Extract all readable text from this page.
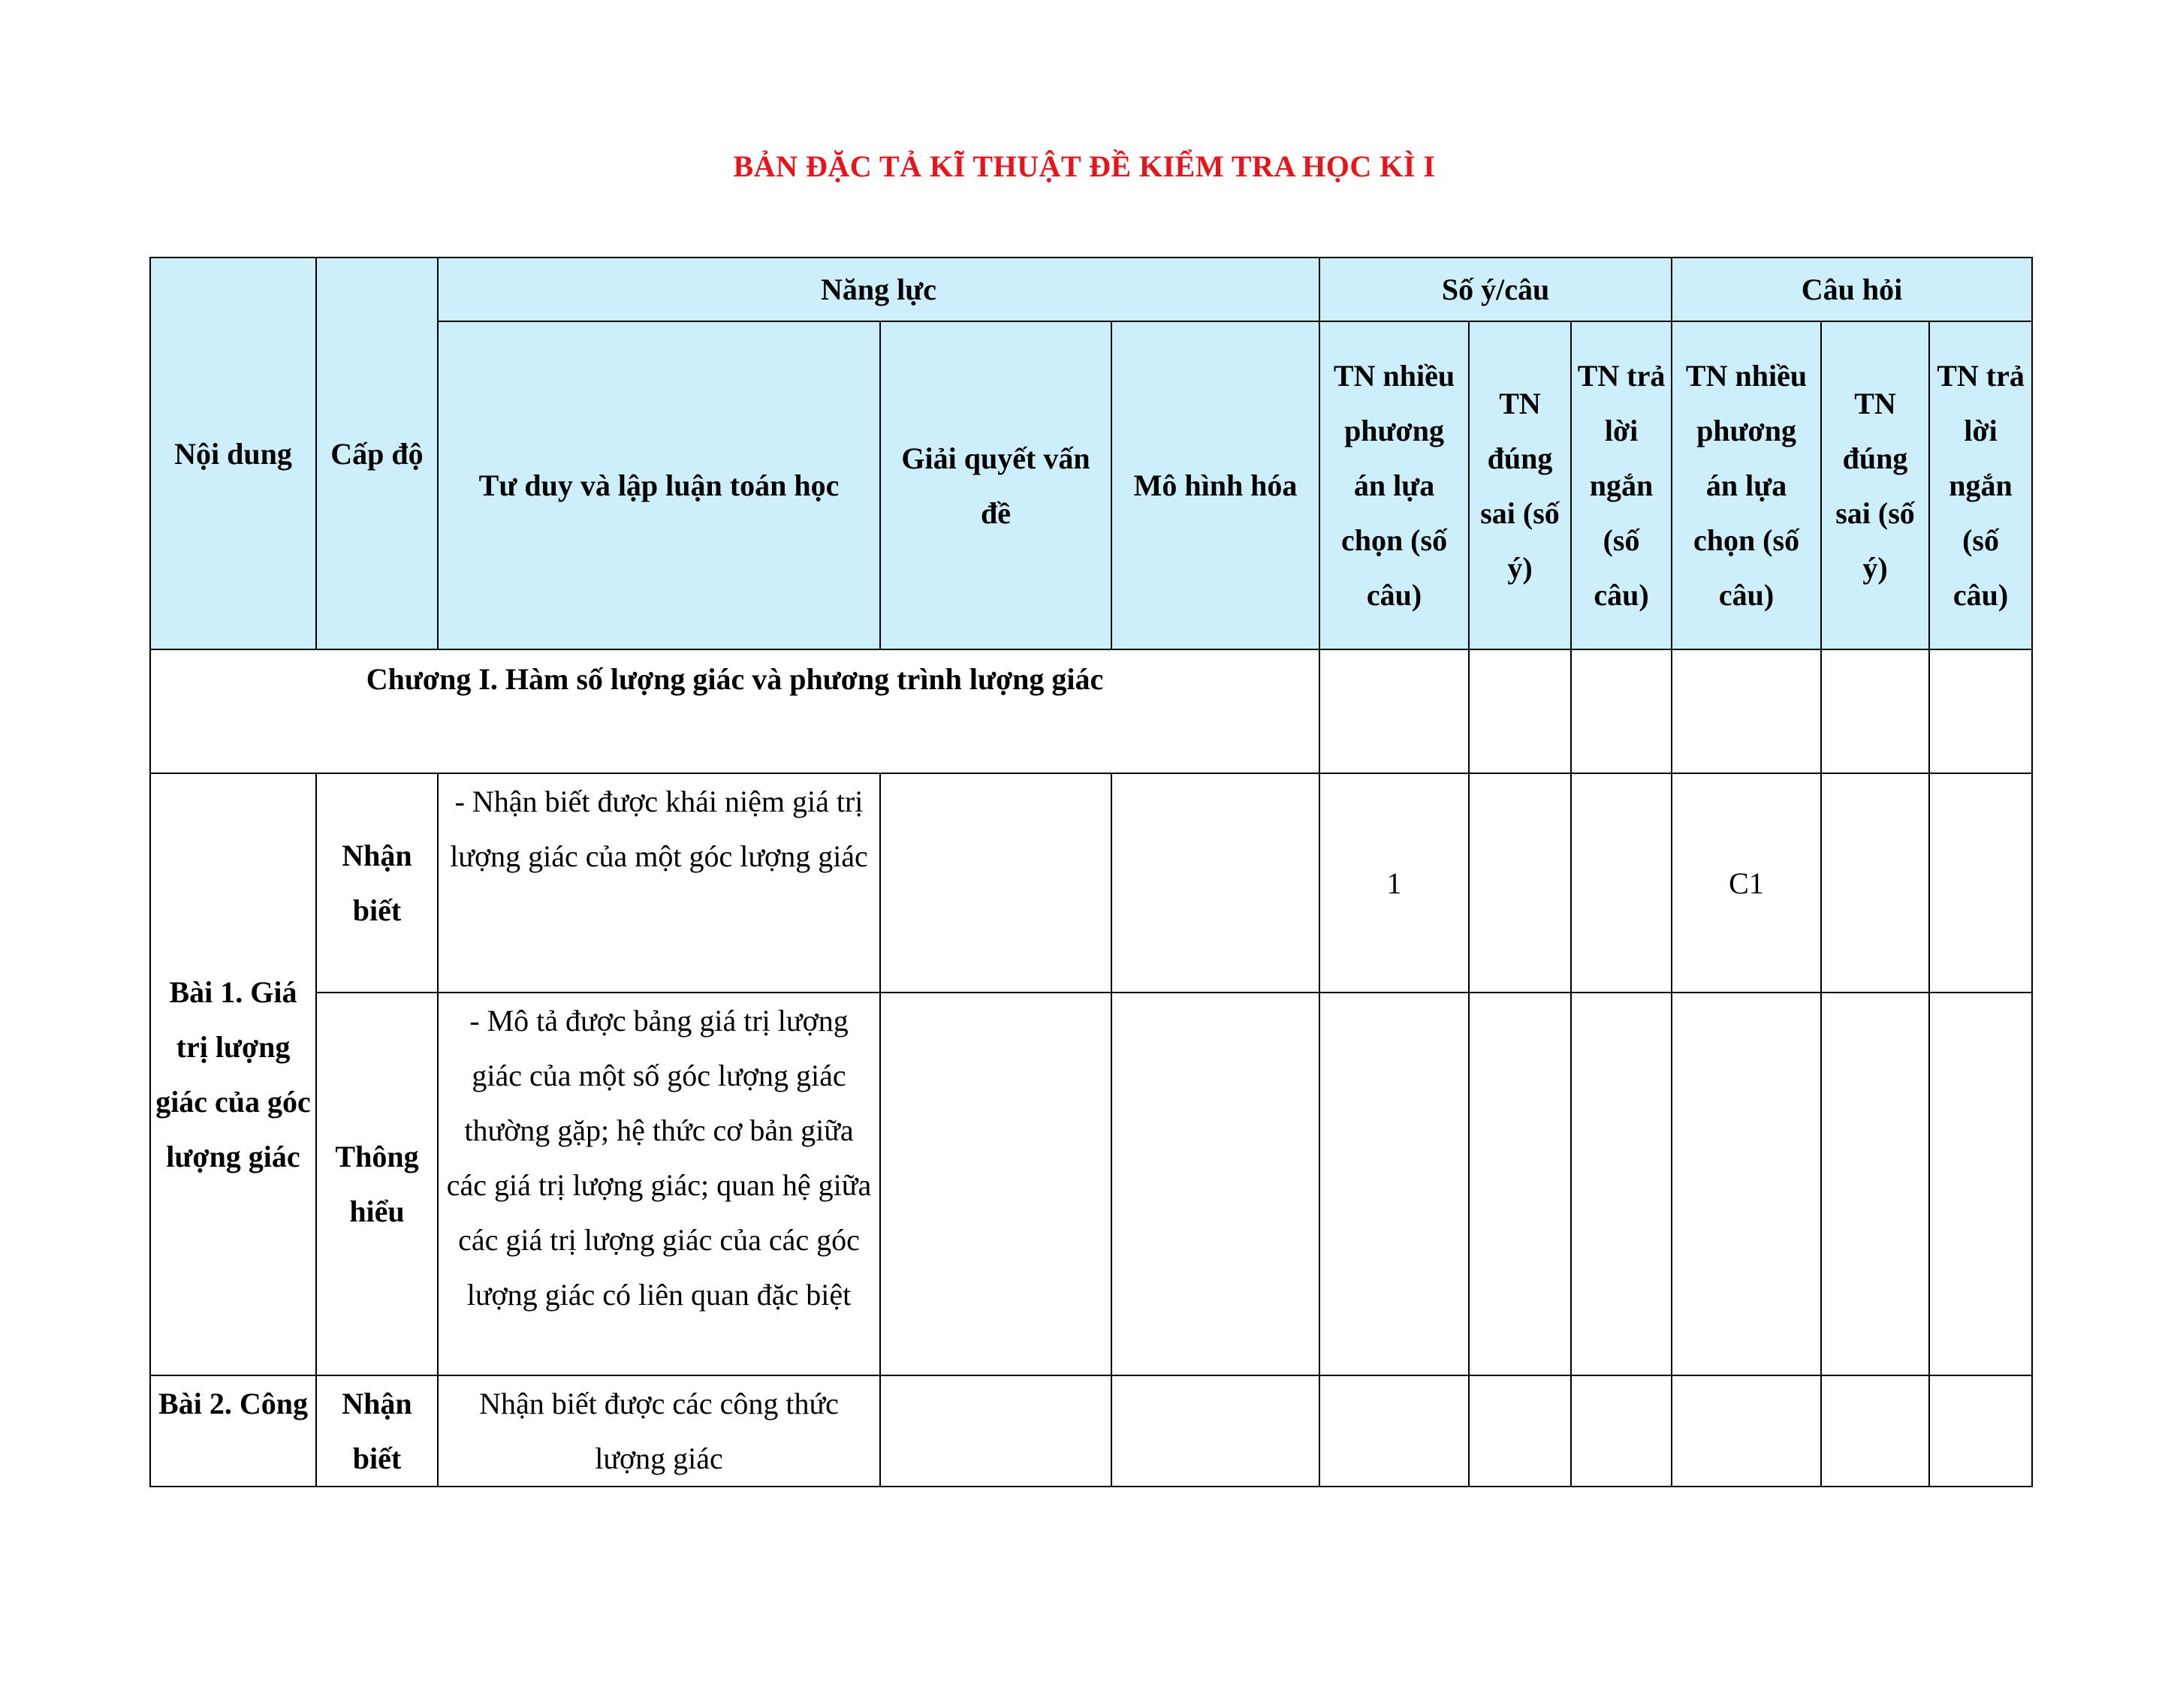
BẢN ĐẶC TẢ KĨ THUẬT ĐỀ KIỂM TRA HỌC KÌ I
Nội dung	Cấp độ	Năng lực			Số ý/câu			Câu hỏi		
		Tư duy và lập luận toán học	Giải quyết vấn đề	Mô hình hóa	TN nhiều phương án lựa chọn (số câu)	TN đúng sai (số ý)	TN trả lời ngắn (số câu)	TN nhiều phương án lựa chọn (số câu)	TN đúng sai (số ý)	TN trả lời ngắn (số câu)
Chương I. Hàm số lượng giác và phương trình lượng giác										
Bài 1. Giá trị lượng giác của góc lượng giác	Nhận biết	- Nhận biết được khái niệm giá trị lượng giác của một góc lượng giác			1			C1		
	Thông hiểu	- Mô tả được bảng giá trị lượng giác của một số góc lượng giác thường gặp; hệ thức cơ bản giữa các giá trị lượng giác; quan hệ giữa các giá trị lượng giác của các góc lượng giác có liên quan đặc biệt								
Bài 2. Công	Nhận biết	Nhận biết được các công thức lượng giác								
